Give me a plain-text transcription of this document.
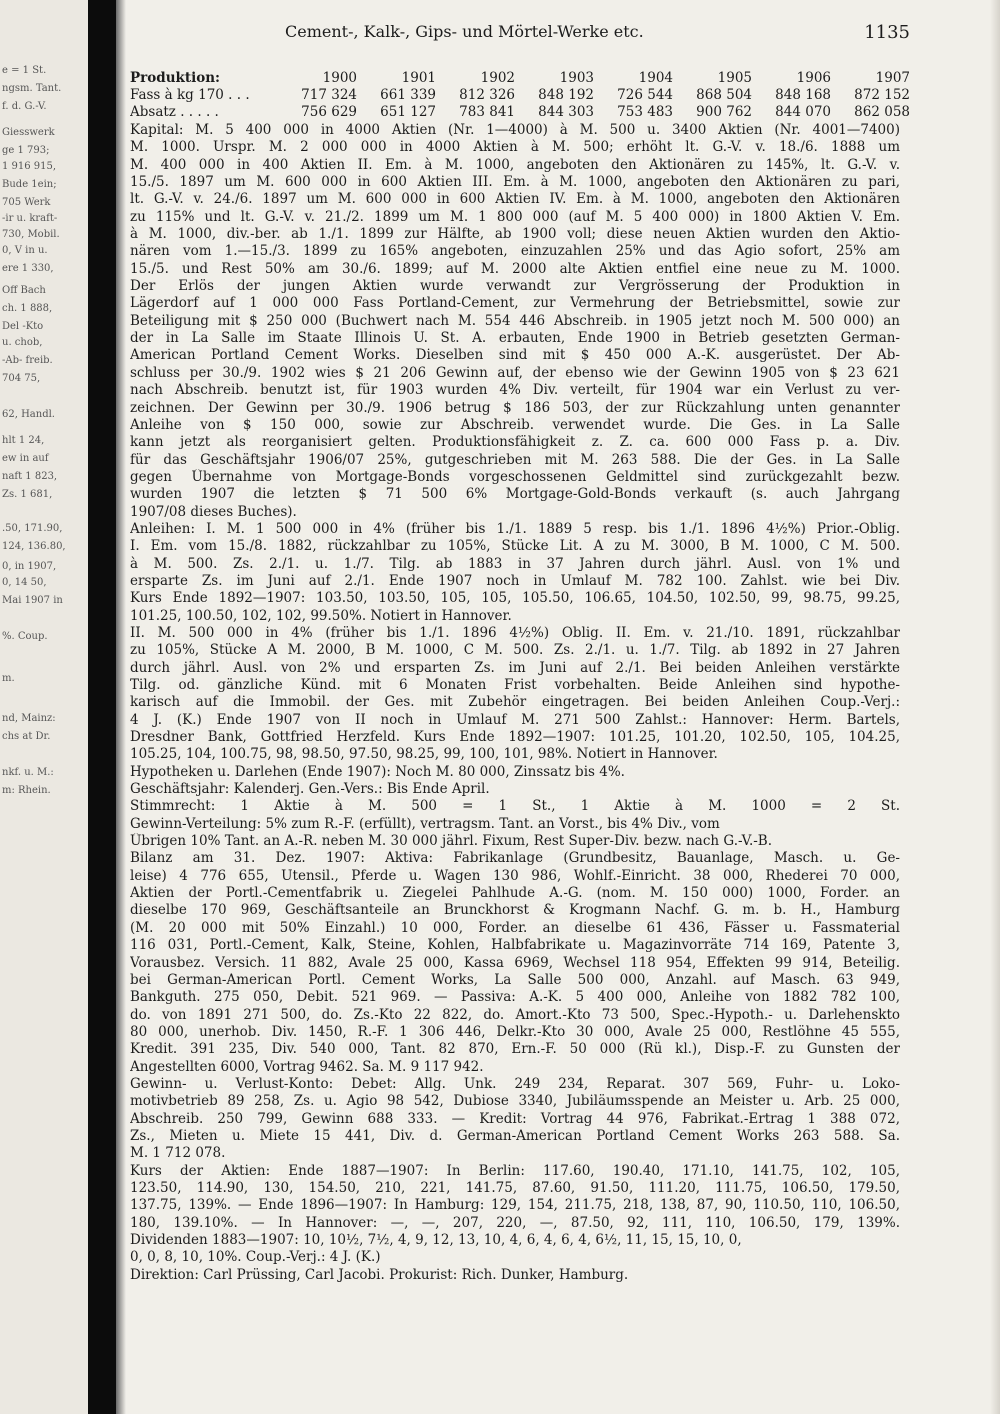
e = 1 St.
ngsm. Tant.
f. d. G.-V.
Giesswerk
ge 1 793;
1 916 915,
Bude 1ein;
705 Werk
-ir u. kraft-
730, Mobil.
0, V in u.
ere 1 330,
Off Bach
ch. 1 888,
Del -Kto
u. chob,
-Ab- freib.
704 75,
62, Handl.
hlt 1 24,
ew in auf
naft 1 823,
Zs. 1 681,
.50, 171.90,
124, 136.80,
0, in 1907,
0, 14 50,
Mai 1907 in
%. Coup.
m.
nd, Mainz:
chs at Dr.
nkf. u. M.:
m: Rhein.
Cement-, Kalk-, Gips- und Mörtel-Werke etc.	1135
Produktion:	1900	1901	1902	1903	1904	1905	1906	1907
Fass à kg 170 . . .	717 324	661 339	812 326	848 192	726 544	868 504	848 168	872 152
Absatz . . . . .	756 629	651 127	783 841	844 303	753 483	900 762	844 070	862 058
Kapital: M. 5 400 000 in 4000 Aktien (Nr. 1—4000) à M. 500 u. 3400 Aktien (Nr. 4001—7400)
M. 1000. Urspr. M. 2 000 000 in 4000 Aktien à M. 500; erhöht lt. G.-V. v. 18./6. 1888 um
M. 400 000 in 400 Aktien II. Em. à M. 1000, angeboten den Aktionären zu 145%, lt. G.-V. v.
15./5. 1897 um M. 600 000 in 600 Aktien III. Em. à M. 1000, angeboten den Aktionären zu pari,
lt. G.-V. v. 24./6. 1897 um M. 600 000 in 600 Aktien IV. Em. à M. 1000, angeboten den Aktionären
zu 115% und lt. G.-V. v. 21./2. 1899 um M. 1 800 000 (auf M. 5 400 000) in 1800 Aktien V. Em.
à M. 1000, div.-ber. ab 1./1. 1899 zur Hälfte, ab 1900 voll; diese neuen Aktien wurden den Aktio-
nären vom 1.—15./3. 1899 zu 165% angeboten, einzuzahlen 25% und das Agio sofort, 25% am
15./5. und Rest 50% am 30./6. 1899; auf M. 2000 alte Aktien entfiel eine neue zu M. 1000.
Der Erlös der jungen Aktien wurde verwandt zur Vergrösserung der Produktion in
Lägerdorf auf 1 000 000 Fass Portland-Cement, zur Vermehrung der Betriebsmittel, sowie zur
Beteiligung mit $ 250 000 (Buchwert nach M. 554 446 Abschreib. in 1905 jetzt noch M. 500 000) an
der in La Salle im Staate Illinois U. St. A. erbauten, Ende 1900 in Betrieb gesetzten German-
American Portland Cement Works. Dieselben sind mit $ 450 000 A.-K. ausgerüstet. Der Ab-
schluss per 30./9. 1902 wies $ 21 206 Gewinn auf, der ebenso wie der Gewinn 1905 von $ 23 621
nach Abschreib. benutzt ist, für 1903 wurden 4% Div. verteilt, für 1904 war ein Verlust zu ver-
zeichnen. Der Gewinn per 30./9. 1906 betrug $ 186 503, der zur Rückzahlung unten genannter
Anleihe von $ 150 000, sowie zur Abschreib. verwendet wurde. Die Ges. in La Salle
kann jetzt als reorganisiert gelten. Produktionsfähigkeit z. Z. ca. 600 000 Fass p. a. Div.
für das Geschäftsjahr 1906/07 25%, gutgeschrieben mit M. 263 588. Die der Ges. in La Salle
gegen Übernahme von Mortgage-Bonds vorgeschossenen Geldmittel sind zurückgezahlt bezw.
wurden 1907 die letzten $ 71 500 6% Mortgage-Gold-Bonds verkauft (s. auch Jahrgang
1907/08 dieses Buches).
Anleihen: I. M. 1 500 000 in 4% (früher bis 1./1. 1889 5 resp. bis 1./1. 1896 4½%) Prior.-Oblig.
I. Em. vom 15./8. 1882, rückzahlbar zu 105%, Stücke Lit. A zu M. 3000, B M. 1000, C M. 500.
à M. 500. Zs. 2./1. u. 1./7. Tilg. ab 1883 in 37 Jahren durch jährl. Ausl. von 1% und
ersparte Zs. im Juni auf 2./1. Ende 1907 noch in Umlauf M. 782 100. Zahlst. wie bei Div.
Kurs Ende 1892—1907: 103.50, 103.50, 105, 105, 105.50, 106.65, 104.50, 102.50, 99, 98.75, 99.25,
101.25, 100.50, 102, 102, 99.50%. Notiert in Hannover.
II. M. 500 000 in 4% (früher bis 1./1. 1896 4½%) Oblig. II. Em. v. 21./10. 1891, rückzahlbar
zu 105%, Stücke A M. 2000, B M. 1000, C M. 500. Zs. 2./1. u. 1./7. Tilg. ab 1892 in 27 Jahren
durch jährl. Ausl. von 2% und ersparten Zs. im Juni auf 2./1. Bei beiden Anleihen verstärkte
Tilg. od. gänzliche Künd. mit 6 Monaten Frist vorbehalten. Beide Anleihen sind hypothe-
karisch auf die Immobil. der Ges. mit Zubehör eingetragen. Bei beiden Anleihen Coup.-Verj.:
4 J. (K.) Ende 1907 von II noch in Umlauf M. 271 500 Zahlst.: Hannover: Herm. Bartels,
Dresdner Bank, Gottfried Herzfeld. Kurs Ende 1892—1907: 101.25, 101.20, 102.50, 105, 104.25,
105.25, 104, 100.75, 98, 98.50, 97.50, 98.25, 99, 100, 101, 98%. Notiert in Hannover.
Hypotheken u. Darlehen (Ende 1907): Noch M. 80 000, Zinssatz bis 4%.
Geschäftsjahr: Kalenderj. Gen.-Vers.: Bis Ende April.
Stimmrecht: 1 Aktie à M. 500 = 1 St., 1 Aktie à M. 1000 = 2 St.
Gewinn-Verteilung: 5% zum R.-F. (erfüllt), vertragsm. Tant. an Vorst., bis 4% Div., vom
Übrigen 10% Tant. an A.-R. neben M. 30 000 jährl. Fixum, Rest Super-Div. bezw. nach G.-V.-B.
Bilanz am 31. Dez. 1907: Aktiva: Fabrikanlage (Grundbesitz, Bauanlage, Masch. u. Ge-
leise) 4 776 655, Utensil., Pferde u. Wagen 130 986, Wohlf.-Einricht. 38 000, Rhederei 70 000,
Aktien der Portl.-Cementfabrik u. Ziegelei Pahlhude A.-G. (nom. M. 150 000) 1000, Forder. an
dieselbe 170 969, Geschäftsanteile an Brunckhorst & Krogmann Nachf. G. m. b. H., Hamburg
(M. 20 000 mit 50% Einzahl.) 10 000, Forder. an dieselbe 61 436, Fässer u. Fassmaterial
116 031, Portl.-Cement, Kalk, Steine, Kohlen, Halbfabrikate u. Magazinvorräte 714 169, Patente 3,
Vorausbez. Versich. 11 882, Avale 25 000, Kassa 6969, Wechsel 118 954, Effekten 99 914, Beteilig.
bei German-American Portl. Cement Works, La Salle 500 000, Anzahl. auf Masch. 63 949,
Bankguth. 275 050, Debit. 521 969. — Passiva: A.-K. 5 400 000, Anleihe von 1882 782 100,
do. von 1891 271 500, do. Zs.-Kto 22 822, do. Amort.-Kto 73 500, Spec.-Hypoth.- u. Darlehenskto
80 000, unerhob. Div. 1450, R.-F. 1 306 446, Delkr.-Kto 30 000, Avale 25 000, Restlöhne 45 555,
Kredit. 391 235, Div. 540 000, Tant. 82 870, Ern.-F. 50 000 (Rü kl.), Disp.-F. zu Gunsten der
Angestellten 6000, Vortrag 9462. Sa. M. 9 117 942.
Gewinn- u. Verlust-Konto: Debet: Allg. Unk. 249 234, Reparat. 307 569, Fuhr- u. Loko-
motivbetrieb 89 258, Zs. u. Agio 98 542, Dubiose 3340, Jubiläumsspende an Meister u. Arb. 25 000,
Abschreib. 250 799, Gewinn 688 333. — Kredit: Vortrag 44 976, Fabrikat.-Ertrag 1 388 072,
Zs., Mieten u. Miete 15 441, Div. d. German-American Portland Cement Works 263 588. Sa.
M. 1 712 078.
Kurs der Aktien: Ende 1887—1907: In Berlin: 117.60, 190.40, 171.10, 141.75, 102, 105,
123.50, 114.90, 130, 154.50, 210, 221, 141.75, 87.60, 91.50, 111.20, 111.75, 106.50, 179.50,
137.75, 139%. — Ende 1896—1907: In Hamburg: 129, 154, 211.75, 218, 138, 87, 90, 110.50, 110, 106.50,
180, 139.10%. — In Hannover: —, —, 207, 220, —, 87.50, 92, 111, 110, 106.50, 179, 139%.
Dividenden 1883—1907: 10, 10½, 7½, 4, 9, 12, 13, 10, 4, 6, 4, 6, 4, 6½, 11, 15, 15, 10, 0,
0, 0, 8, 10, 10%. Coup.-Verj.: 4 J. (K.)
Direktion: Carl Prüssing, Carl Jacobi. Prokurist: Rich. Dunker, Hamburg.
